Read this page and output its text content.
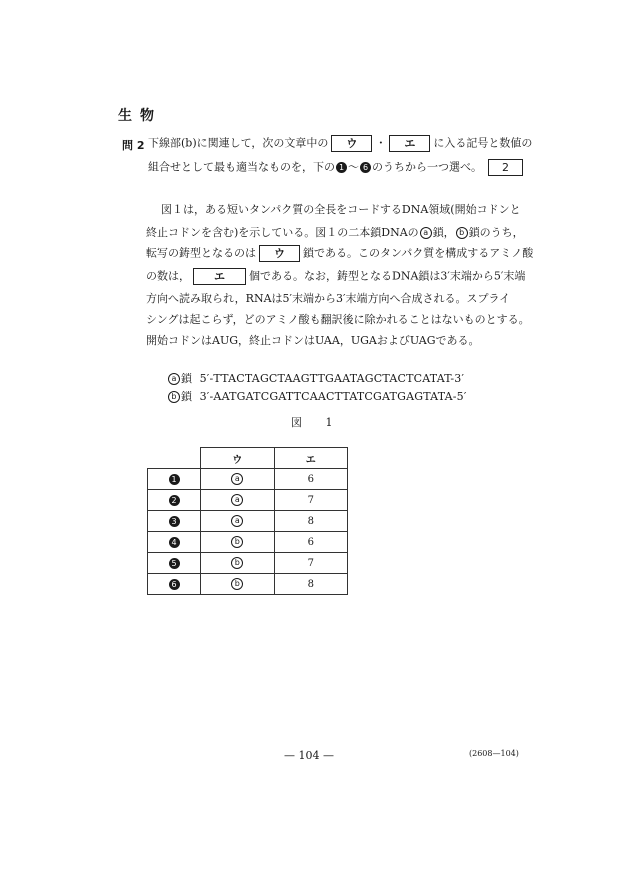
生物
問 2 下線部(b)に関連して，次の文章中の ウ ・ エ に入る記号と数値の
組合せとして最も適当なものを，下の 1 ～ 6 のうちから一つ選べ。 2
図１は，ある短いタンパク質の全長をコードするDNA領域(開始コドンと
終止コドンを含む)を示している。図１の二本鎖DNAの a 鎖， b 鎖のうち，
転写の鋳型となるのは ウ 鎖である。このタンパク質を構成するアミノ酸
の数は， エ 個である。なお，鋳型となるDNA鎖は3′末端から5′末端
方向へ読み取られ，RNAは5′末端から3′末端方向へ合成される。スプライ
シングは起こらず，どのアミノ酸も翻訳後に除かれることはないものとする。
開始コドンはAUG，終止コドンはUAA，UGAおよびUAGである。
a 鎖 5′-TTACTAGCTAAGTTGAATAGCTACTCATAT-3′
b 鎖 3′-AATGATCGATTCAACTTATCGATGAGTATA-5′
図 1
	ウ	エ
1	a	6
2	a	7
3	a	8
4	b	6
5	b	7
6	b	8
— 104 —	(2608—104)
